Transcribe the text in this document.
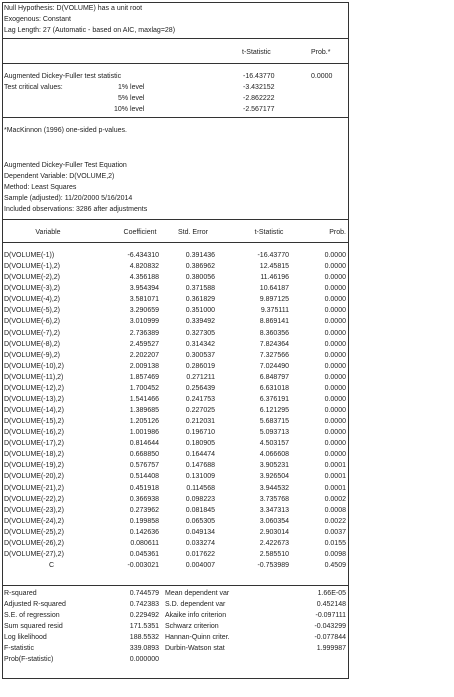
Null Hypothesis: D(VOLUME) has a unit root
Exogenous: Constant
Lag Length: 27 (Automatic - based on AIC, maxlag=28)
t-Statistic	Prob.*
Augmented Dickey-Fuller test statistic	-16.43770	0.0000
Test critical values:	1% level	-3.432152
5% level	-2.862222
10% level	-2.567177
*MacKinnon (1996) one-sided p-values.
Augmented Dickey-Fuller Test Equation
Dependent Variable: D(VOLUME,2)
Method: Least Squares
Sample (adjusted): 11/20/2000 5/16/2014
Included observations: 3286 after adjustments
Variable	Coefficient	Std. Error	t-Statistic	Prob.
D(VOLUME(-1))	-6.434310	0.391436	-16.43770	0.0000
D(VOLUME(-1),2)	4.820832	0.386962	12.45815	0.0000
D(VOLUME(-2),2)	4.356188	0.380056	11.46196	0.0000
D(VOLUME(-3),2)	3.954394	0.371588	10.64187	0.0000
D(VOLUME(-4),2)	3.581071	0.361829	9.897125	0.0000
D(VOLUME(-5),2)	3.290659	0.351000	9.375111	0.0000
D(VOLUME(-6),2)	3.010999	0.339492	8.869141	0.0000
D(VOLUME(-7),2)	2.736389	0.327305	8.360356	0.0000
D(VOLUME(-8),2)	2.459527	0.314342	7.824364	0.0000
D(VOLUME(-9),2)	2.202207	0.300537	7.327566	0.0000
D(VOLUME(-10),2)	2.009138	0.286019	7.024490	0.0000
D(VOLUME(-11),2)	1.857469	0.271211	6.848797	0.0000
D(VOLUME(-12),2)	1.700452	0.256439	6.631018	0.0000
D(VOLUME(-13),2)	1.541466	0.241753	6.376191	0.0000
D(VOLUME(-14),2)	1.389685	0.227025	6.121295	0.0000
D(VOLUME(-15),2)	1.205126	0.212031	5.683715	0.0000
D(VOLUME(-16),2)	1.001986	0.196710	5.093713	0.0000
D(VOLUME(-17),2)	0.814644	0.180905	4.503157	0.0000
D(VOLUME(-18),2)	0.668850	0.164474	4.066608	0.0000
D(VOLUME(-19),2)	0.576757	0.147688	3.905231	0.0001
D(VOLUME(-20),2)	0.514408	0.131009	3.926504	0.0001
D(VOLUME(-21),2)	0.451918	0.114568	3.944532	0.0001
D(VOLUME(-22),2)	0.366938	0.098223	3.735768	0.0002
D(VOLUME(-23),2)	0.273962	0.081845	3.347313	0.0008
D(VOLUME(-24),2)	0.199858	0.065305	3.060354	0.0022
D(VOLUME(-25),2)	0.142636	0.049134	2.903014	0.0037
D(VOLUME(-26),2)	0.080611	0.033274	2.422673	0.0155
D(VOLUME(-27),2)	0.045361	0.017622	2.585510	0.0098
C	-0.003021	0.004007	-0.753989	0.4509
R-squared	0.744579 Mean dependent var	1.66E-05
Adjusted R-squared	0.742383 S.D. dependent var	0.452148
S.E. of regression	0.229492 Akaike info criterion	-0.097111
Sum squared resid	171.5351 Schwarz criterion	-0.043299
Log likelihood	188.5532 Hannan-Quinn criter.	-0.077844
F-statistic	339.0893 Durbin-Watson stat	1.999987
Prob(F-statistic)	0.000000
